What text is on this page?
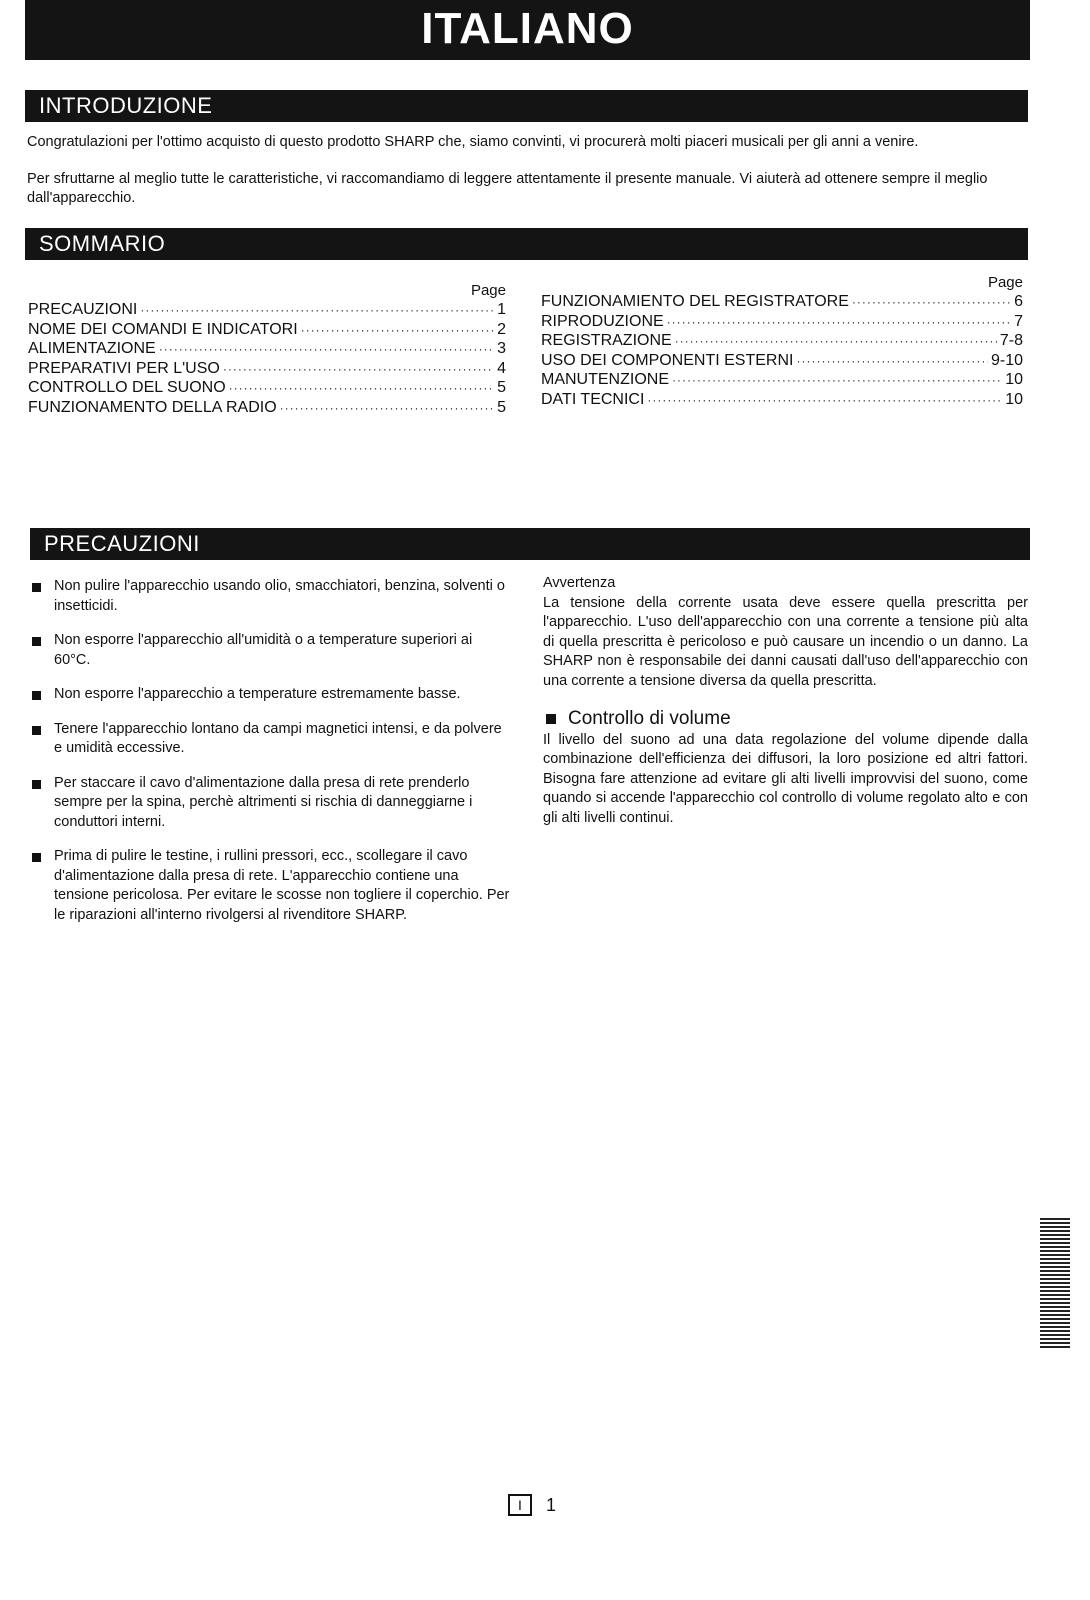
ITALIANO
INTRODUZIONE

Congratulazioni per l'ottimo acquisto di questo prodotto SHARP che, siamo convinti, vi procurerà molti piaceri musicali per gli anni a venire.

Per sfruttarne al meglio tutte le caratteristiche, vi raccomandiamo di leggere attentamente il presente manuale. Vi aiuterà ad ottenere sempre il meglio dall'apparecchio.

SOMMARIO
Page
PRECAUZIONI ·····	1
NOME DEI COMANDI E INDICATORI ·····	2
ALIMENTAZIONE ·····	3
PREPARATIVI PER L'USO ·····	4
CONTROLLO DEL SUONO ·····	5
FUNZIONAMENTO DELLA RADIO ·····	5
Page
FUNZIONAMIENTO DEL REGISTRATORE ·····	6
RIPRODUZIONE ·····	7
REGISTRAZIONE ·····	7-8
USO DEI COMPONENTI ESTERNI ·····	9-10
MANUTENZIONE ·····	10
DATI TECNICI ·····	10
PRECAUZIONI

Non pulire l'apparecchio usando olio, smacchiatori, benzina, solventi o insetticidi.

Non esporre l'apparecchio all'umidità o a temperature superiori ai 60°C.

Non esporre l'apparecchio a temperature estremamente basse.

Tenere l'apparecchio lontano da campi magnetici intensi, e da polvere e umidità eccessive.

Per staccare il cavo d'alimentazione dalla presa di rete prenderlo sempre per la spina, perchè altrimenti si rischia di danneggiarne i conduttori interni.

Prima di pulire le testine, i rullini pressori, ecc., scollegare il cavo d'alimentazione dalla presa di rete. L'apparecchio contiene una tensione pericolosa. Per evitare le scosse non togliere il coperchio. Per le riparazioni all'interno rivolgersi al rivenditore SHARP.

Avvertenza

La tensione della corrente usata deve essere quella prescritta per l'apparecchio. L'uso dell'apparecchio con una corrente a tensione più alta di quella prescritta è pericoloso e può causare un incendio o un danno. La SHARP non è responsabile dei danni causati dall'uso dell'apparecchio con una corrente a tensione diversa da quella prescritta.

Controllo di volume

Il livello del suono ad una data regolazione del volume dipende dalla combinazione dell'efficienza dei diffusori, la loro posizione ed altri fattori. Bisogna fare attenzione ad evitare gli alti livelli improvvisi del suono, come quando si accende l'apparecchio col controllo di volume regolato alto e con gli alti livelli continui.

I	1
